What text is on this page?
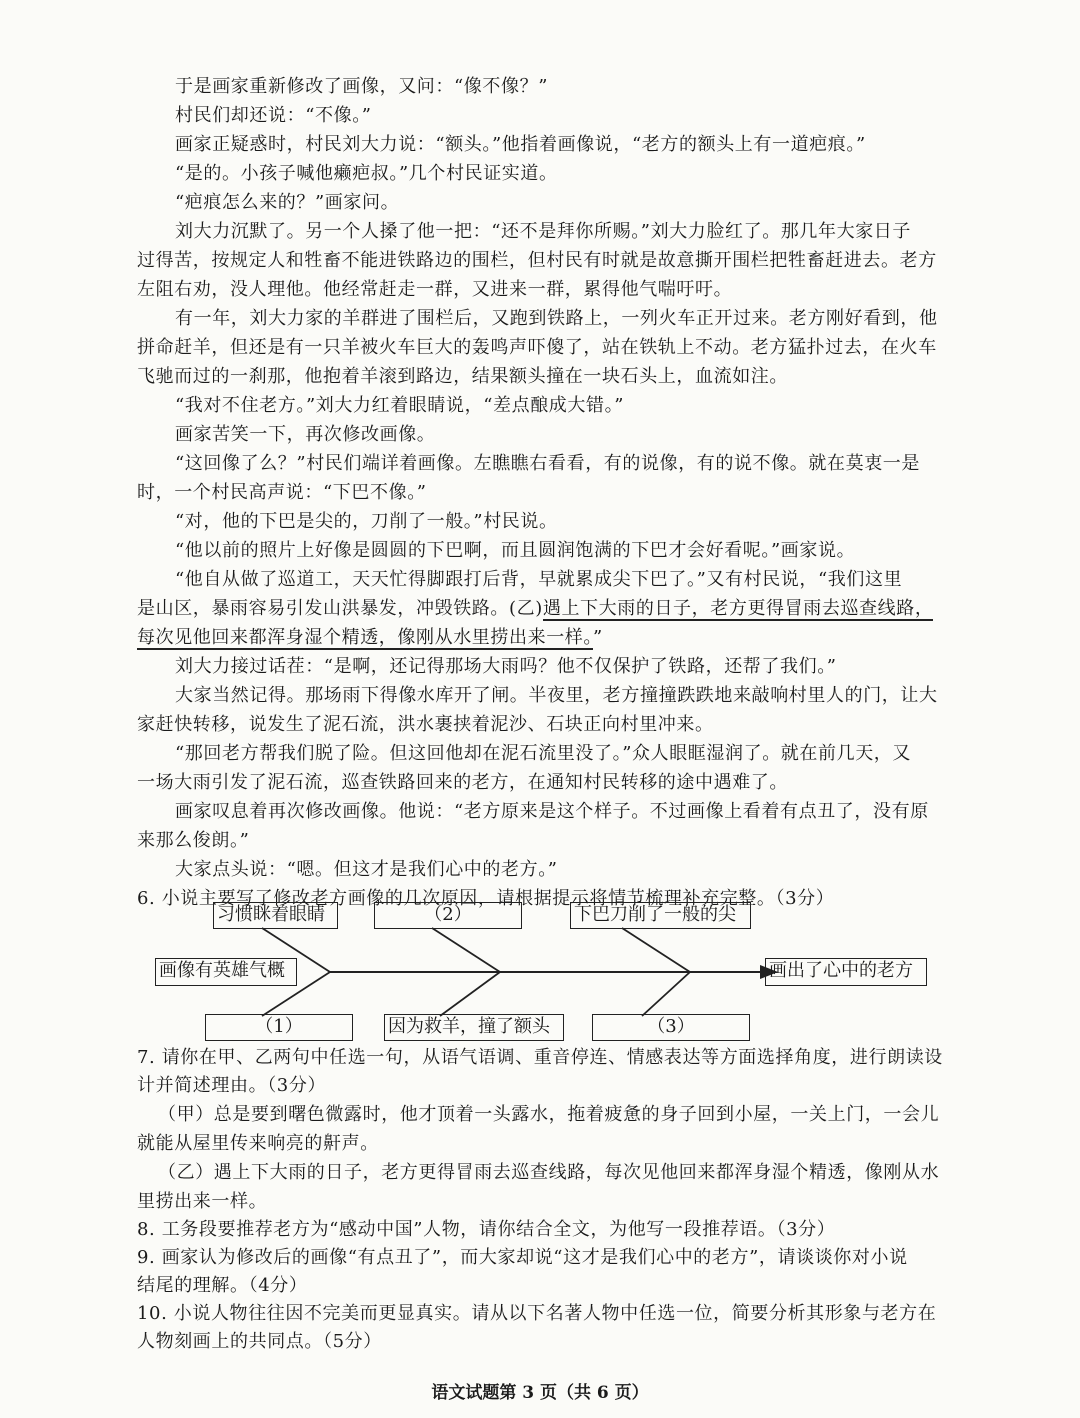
于是画家重新修改了画像，又问：“像不像？”

村民们却还说：“不像。”

画家正疑惑时，村民刘大力说：“额头。”他指着画像说，“老方的额头上有一道疤痕。”

“是的。小孩子喊他癞疤叔。”几个村民证实道。

“疤痕怎么来的？”画家问。

刘大力沉默了。另一个人搡了他一把：“还不是拜你所赐。”刘大力脸红了。那几年大家日子

过得苦，按规定人和牲畜不能进铁路边的围栏，但村民有时就是故意撕开围栏把牲畜赶进去。老方

左阻右劝，没人理他。他经常赶走一群，又进来一群，累得他气喘吁吁。

有一年，刘大力家的羊群进了围栏后，又跑到铁路上，一列火车正开过来。老方刚好看到，他

拼命赶羊，但还是有一只羊被火车巨大的轰鸣声吓傻了，站在铁轨上不动。老方猛扑过去，在火车

飞驰而过的一刹那，他抱着羊滚到路边，结果额头撞在一块石头上，血流如注。

“我对不住老方。”刘大力红着眼睛说，“差点酿成大错。”

画家苦笑一下，再次修改画像。

“这回像了么？”村民们端详着画像。左瞧瞧右看看，有的说像，有的说不像。就在莫衷一是

时，一个村民高声说：“下巴不像。”

“对，他的下巴是尖的，刀削了一般。”村民说。

“他以前的照片上好像是圆圆的下巴啊，而且圆润饱满的下巴才会好看呢。”画家说。

“他自从做了巡道工，天天忙得脚跟打后背，早就累成尖下巴了。”又有村民说，“我们这里

是山区，暴雨容易引发山洪暴发，冲毁铁路。(乙)遇上下大雨的日子，老方更得冒雨去巡查线路，

每次见他回来都浑身湿个精透，像刚从水里捞出来一样。”

刘大力接过话茬：“是啊，还记得那场大雨吗？他不仅保护了铁路，还帮了我们。”

大家当然记得。那场雨下得像水库开了闸。半夜里，老方撞撞跌跌地来敲响村里人的门，让大

家赶快转移，说发生了泥石流，洪水裹挟着泥沙、石块正向村里冲来。

“那回老方帮我们脱了险。但这回他却在泥石流里没了。”众人眼眶湿润了。就在前几天，又

一场大雨引发了泥石流，巡查铁路回来的老方，在通知村民转移的途中遇难了。

画家叹息着再次修改画像。他说：“老方原来是这个样子。不过画像上看着有点丑了，没有原

来那么俊朗。”

大家点头说：“嗯。但这才是我们心中的老方。”

6. 小说主要写了修改老方画像的几次原因，请根据提示将情节梳理补充完整。（3分）

画像有英雄气概	画出了心中的老方
习惯眯着眼睛	（2）	下巴刀削了一般的尖
（1）	因为救羊，撞了额头	（3）

7. 请你在甲、乙两句中任选一句，从语气语调、重音停连、情感表达等方面选择角度，进行朗读设

计并简述理由。（3分）

（甲）总是要到曙色微露时，他才顶着一头露水，拖着疲惫的身子回到小屋，一关上门，一会儿

就能从屋里传来响亮的鼾声。

（乙）遇上下大雨的日子，老方更得冒雨去巡查线路，每次见他回来都浑身湿个精透，像刚从水

里捞出来一样。

8. 工务段要推荐老方为“感动中国”人物，请你结合全文，为他写一段推荐语。（3分）

9. 画家认为修改后的画像“有点丑了”，而大家却说“这才是我们心中的老方”，请谈谈你对小说

结尾的理解。（4分）

10. 小说人物往往因不完美而更显真实。请从以下名著人物中任选一位，简要分析其形象与老方在

人物刻画上的共同点。（5分）

语文试题第 3 页（共 6 页）
